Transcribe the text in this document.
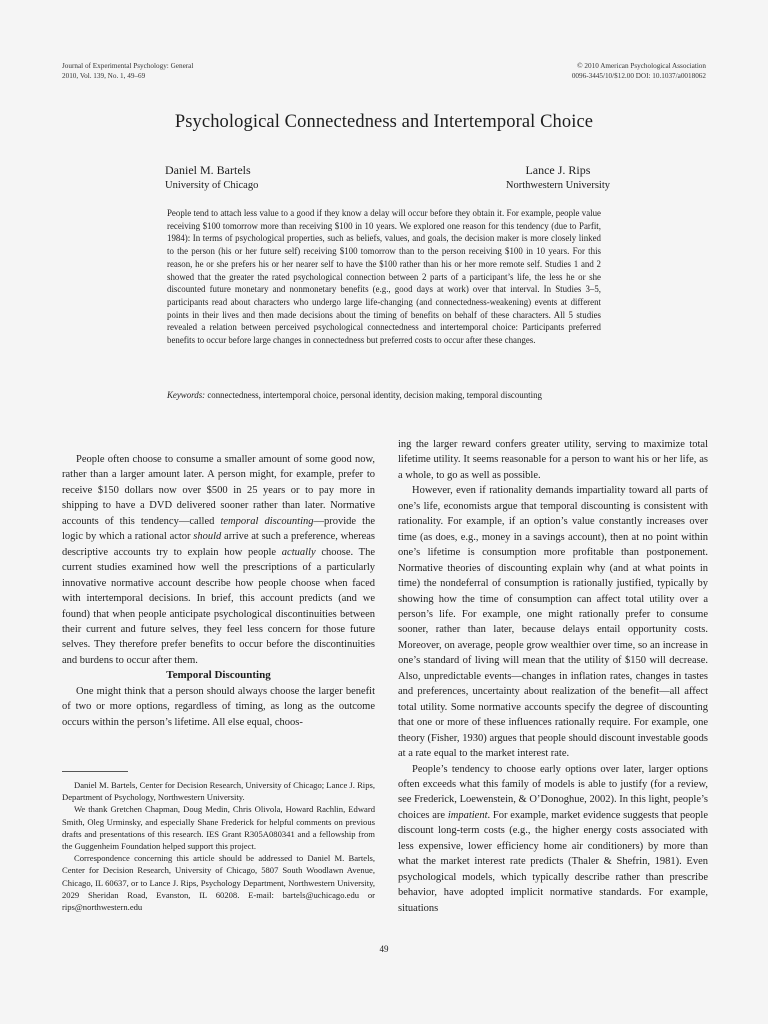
Journal of Experimental Psychology: General
2010, Vol. 139, No. 1, 49–69
© 2010 American Psychological Association
0096-3445/10/$12.00 DOI: 10.1037/a0018062
Psychological Connectedness and Intertemporal Choice
Daniel M. Bartels
University of Chicago
Lance J. Rips
Northwestern University
People tend to attach less value to a good if they know a delay will occur before they obtain it. For example, people value receiving $100 tomorrow more than receiving $100 in 10 years. We explored one reason for this tendency (due to Parfit, 1984): In terms of psychological properties, such as beliefs, values, and goals, the decision maker is more closely linked to the person (his or her future self) receiving $100 tomorrow than to the person receiving $100 in 10 years. For this reason, he or she prefers his or her nearer self to have the $100 rather than his or her more remote self. Studies 1 and 2 showed that the greater the rated psychological connection between 2 parts of a participant’s life, the less he or she discounted future monetary and nonmonetary benefits (e.g., good days at work) over that interval. In Studies 3–5, participants read about characters who undergo large life-changing (and connectedness-weakening) events at different points in their lives and then made decisions about the timing of benefits on behalf of these characters. All 5 studies revealed a relation between perceived psychological connectedness and intertemporal choice: Participants preferred benefits to occur before large changes in connectedness but preferred costs to occur after these changes.
Keywords: connectedness, intertemporal choice, personal identity, decision making, temporal discounting

People often choose to consume a smaller amount of some good now, rather than a larger amount later. A person might, for example, prefer to receive $150 dollars now over $500 in 25 years or to pay more in shipping to have a DVD delivered sooner rather than later. Normative accounts of this tendency—called temporal discounting—provide the logic by which a rational actor should arrive at such a preference, whereas descriptive accounts try to explain how people actually choose. The current studies examined how well the prescriptions of a particularly innovative normative account describe how people choose when faced with intertemporal decisions. In brief, this account predicts (and we found) that when people anticipate psychological discontinuities between their current and future selves, they feel less concern for those future selves. They therefore prefer benefits to occur before the discontinuities and burdens to occur after them.

Temporal Discounting

One might think that a person should always choose the larger benefit of two or more options, regardless of timing, as long as the outcome occurs within the person’s lifetime. All else equal, choos-

Daniel M. Bartels, Center for Decision Research, University of Chicago; Lance J. Rips, Department of Psychology, Northwestern University.

We thank Gretchen Chapman, Doug Medin, Chris Olivola, Howard Rachlin, Edward Smith, Oleg Urminsky, and especially Shane Frederick for helpful comments on previous drafts and presentations of this research. IES Grant R305A080341 and a fellowship from the Guggenheim Foundation helped support this project.

Correspondence concerning this article should be addressed to Daniel M. Bartels, Center for Decision Research, University of Chicago, 5807 South Woodlawn Avenue, Chicago, IL 60637, or to Lance J. Rips, Psychology Department, Northwestern University, 2029 Sheridan Road, Evanston, IL 60208. E-mail: bartels@uchicago.edu or rips@northwestern.edu

ing the larger reward confers greater utility, serving to maximize total lifetime utility. It seems reasonable for a person to want his or her life, as a whole, to go as well as possible.

However, even if rationality demands impartiality toward all parts of one’s life, economists argue that temporal discounting is consistent with rationality. For example, if an option’s value constantly increases over time (as does, e.g., money in a savings account), then at no point within one’s lifetime is consumption more profitable than postponement. Normative theories of discounting explain why (and at what points in time) the nondeferral of consumption is rationally justified, typically by showing how the time of consumption can affect total utility over a person’s life. For example, one might rationally prefer to consume sooner, rather than later, because delays entail opportunity costs. Moreover, on average, people grow wealthier over time, so an increase in one’s standard of living will mean that the utility of $150 will decrease. Also, unpredictable events—changes in inflation rates, changes in tastes and preferences, uncertainty about realization of the benefit—all affect total utility. Some normative accounts specify the degree of discounting that one or more of these influences rationally require. For example, one theory (Fisher, 1930) argues that people should discount investable goods at a rate equal to the market interest rate.

People’s tendency to choose early options over later, larger options often exceeds what this family of models is able to justify (for a review, see Frederick, Loewenstein, & O’Donoghue, 2002). In this light, people’s choices are impatient. For example, market evidence suggests that people discount long-term costs (e.g., the higher energy costs associated with less expensive, lower efficiency home air conditioners) by more than what the market interest rate predicts (Thaler & Shefrin, 1981). Even psychological models, which typically describe rather than prescribe behavior, have adopted implicit normative standards. For example, situations

49
